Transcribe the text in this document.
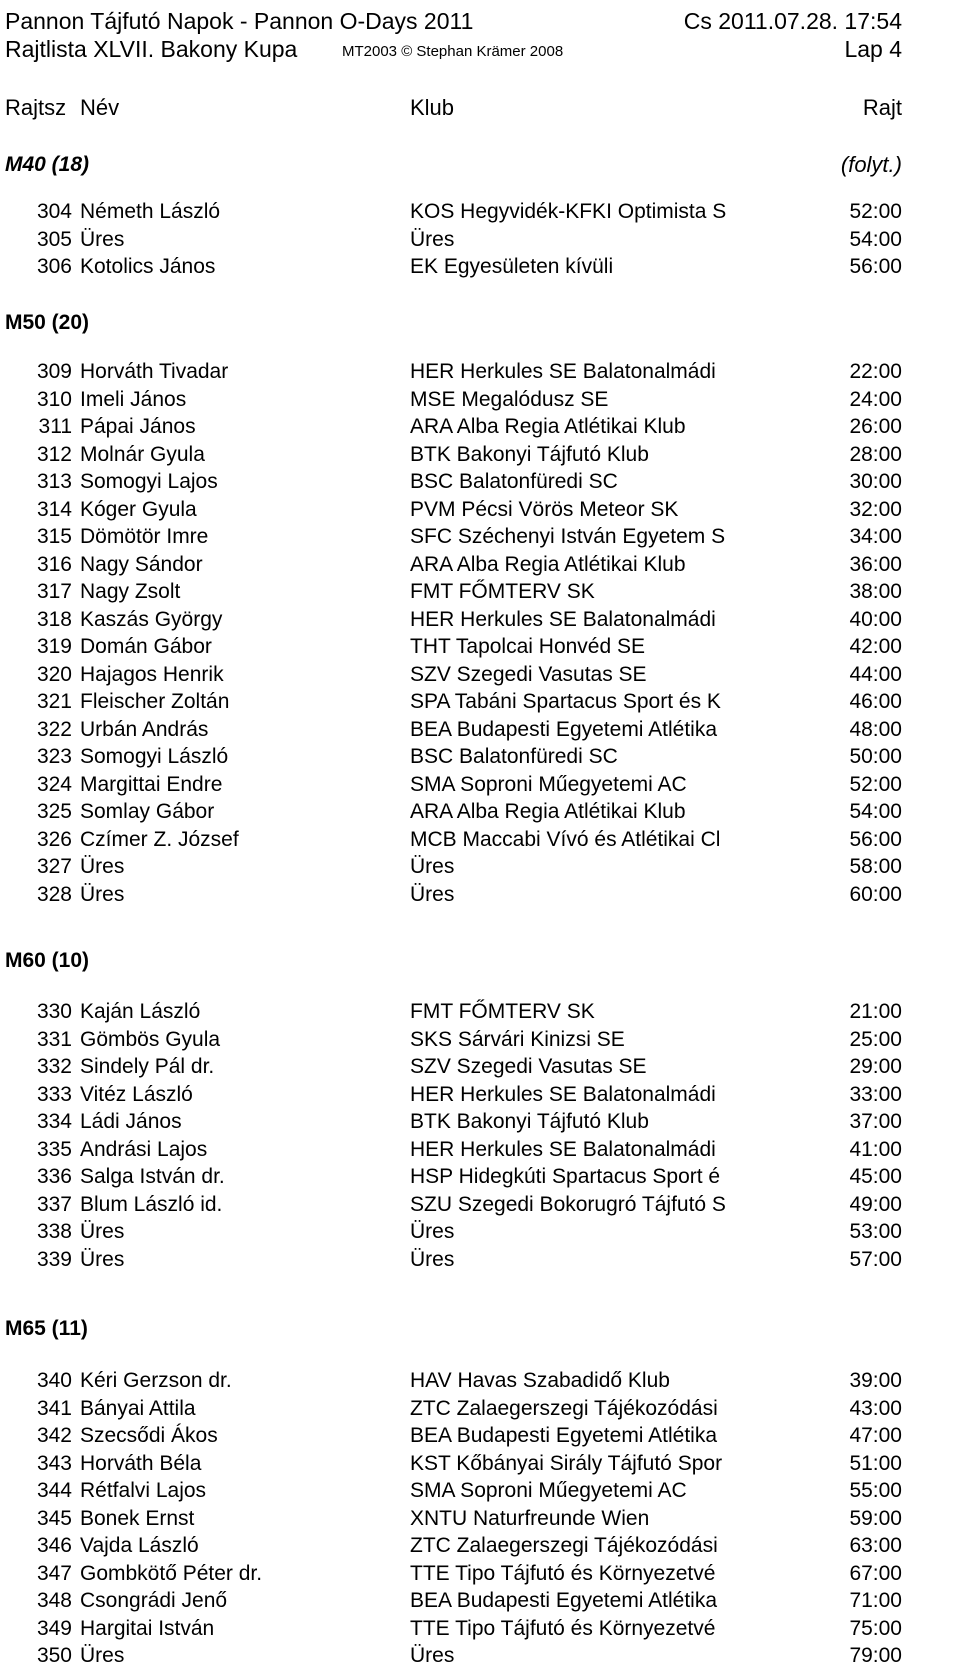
Pannon Tájfutó Napok - Pannon O-Days 2011	Cs 2011.07.28. 17:54
Rajtlista XLVII. Bakony Kupa	MT2003 © Stephan Krämer 2008	Lap 4
Rajtsz Név	Klub	Rajt
M40 (18)	(folyt.)
304 Németh László	KOS Hegyvidék-KFKI Optimista S	52:00
305 Üres	Üres	54:00
306 Kotolics János	EK Egyesületen kívüli	56:00
M50 (20)
309 Horváth Tivadar	HER Herkules SE Balatonalmádi	22:00
310 Imeli János	MSE Megalódusz SE	24:00
311 Pápai János	ARA Alba Regia Atlétikai Klub	26:00
312 Molnár Gyula	BTK Bakonyi Tájfutó Klub	28:00
313 Somogyi Lajos	BSC Balatonfüredi SC	30:00
314 Kóger Gyula	PVM Pécsi Vörös Meteor SK	32:00
315 Dömötör Imre	SFC Széchenyi István Egyetem S	34:00
316 Nagy Sándor	ARA Alba Regia Atlétikai Klub	36:00
317 Nagy Zsolt	FMT FŐMTERV SK	38:00
318 Kaszás György	HER Herkules SE Balatonalmádi	40:00
319 Domán Gábor	THT Tapolcai Honvéd SE	42:00
320 Hajagos Henrik	SZV Szegedi Vasutas SE	44:00
321 Fleischer Zoltán	SPA Tabáni Spartacus Sport és K	46:00
322 Urbán András	BEA Budapesti Egyetemi Atlétika	48:00
323 Somogyi László	BSC Balatonfüredi SC	50:00
324 Margittai Endre	SMA Soproni Műegyetemi AC	52:00
325 Somlay Gábor	ARA Alba Regia Atlétikai Klub	54:00
326 Czímer Z. József	MCB Maccabi Vívó és Atlétikai Cl	56:00
327 Üres	Üres	58:00
328 Üres	Üres	60:00
M60 (10)
330 Kaján László	FMT FŐMTERV SK	21:00
331 Gömbös Gyula	SKS Sárvári Kinizsi SE	25:00
332 Sindely Pál dr.	SZV Szegedi Vasutas SE	29:00
333 Vitéz László	HER Herkules SE Balatonalmádi	33:00
334 Ládi János	BTK Bakonyi Tájfutó Klub	37:00
335 Andrási Lajos	HER Herkules SE Balatonalmádi	41:00
336 Salga István dr.	HSP Hidegkúti Spartacus Sport é	45:00
337 Blum László id.	SZU Szegedi Bokorugró Tájfutó S	49:00
338 Üres	Üres	53:00
339 Üres	Üres	57:00
M65 (11)
340 Kéri Gerzson dr.	HAV Havas Szabadidő Klub	39:00
341 Bányai Attila	ZTC Zalaegerszegi Tájékozódási	43:00
342 Szecsődi Ákos	BEA Budapesti Egyetemi Atlétika	47:00
343 Horváth Béla	KST Kőbányai Sirály Tájfutó Spor	51:00
344 Rétfalvi Lajos	SMA Soproni Műegyetemi AC	55:00
345 Bonek Ernst	XNTU Naturfreunde Wien	59:00
346 Vajda László	ZTC Zalaegerszegi Tájékozódási	63:00
347 Gombkötő Péter dr.	TTE Tipo Tájfutó és Környezetvé	67:00
348 Csongrádi Jenő	BEA Budapesti Egyetemi Atlétika	71:00
349 Hargitai István	TTE Tipo Tájfutó és Környezetvé	75:00
350 Üres	Üres	79:00
